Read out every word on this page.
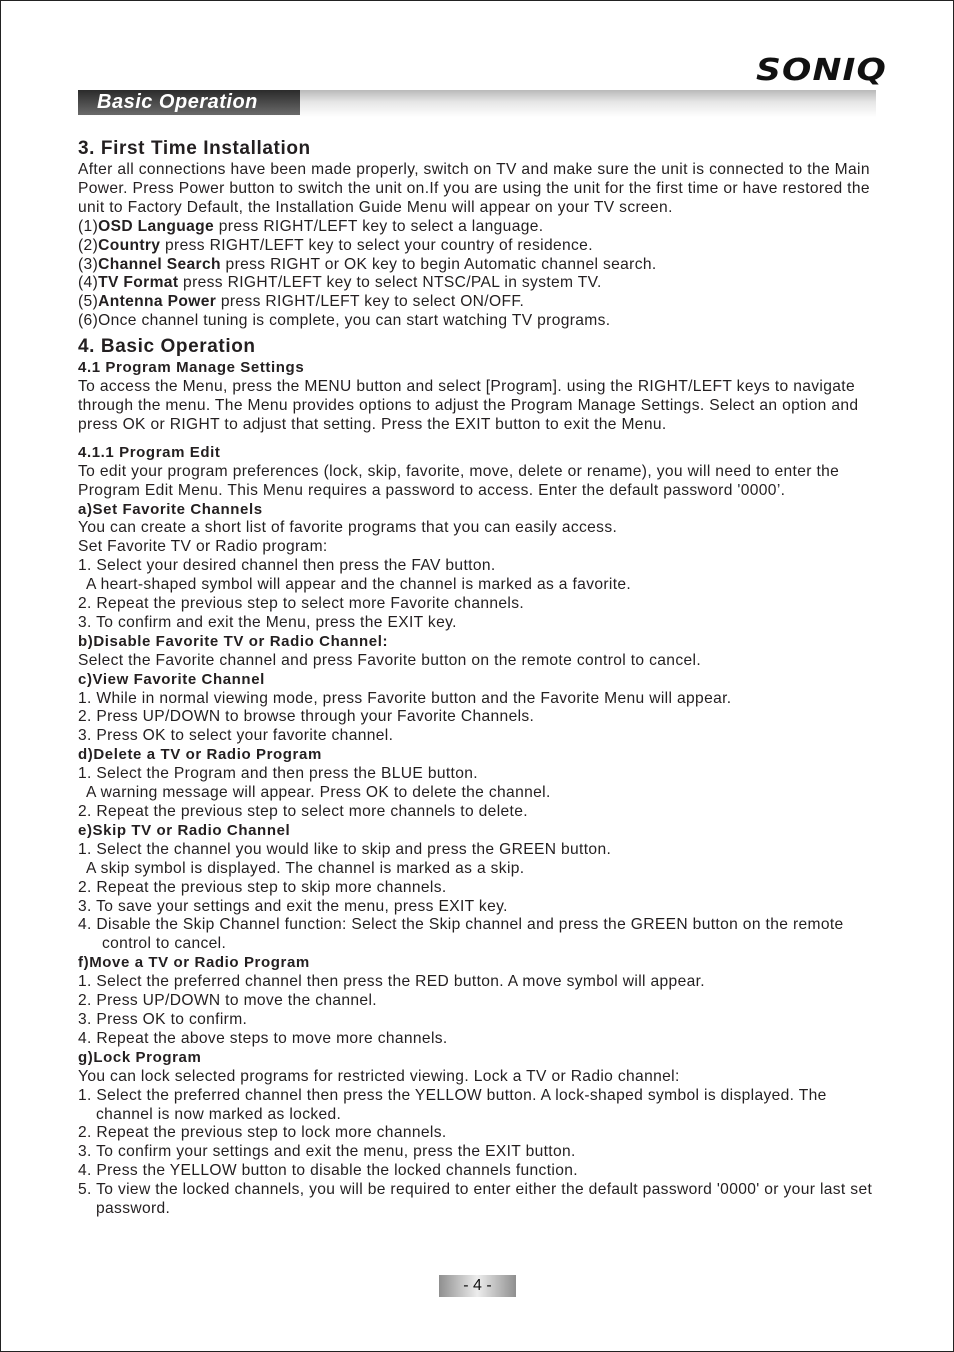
SONIQ
Basic Operation

3. First Time Installation

After all connections have been made properly, switch on TV and make sure the unit is connected to the Main Power. Press Power button to switch the unit on.If you are using the unit for the first time or have restored the unit to Factory Default, the Installation Guide Menu will appear on your TV screen.

(1)OSD Language press RIGHT/LEFT key to select a language.

(2)Country press RIGHT/LEFT key to select your country of residence.

(3)Channel Search press RIGHT or OK key to begin Automatic channel search.

(4)TV Format press RIGHT/LEFT key to select NTSC/PAL in system TV.

(5)Antenna Power press RIGHT/LEFT key to select ON/OFF.

(6)Once channel tuning is complete, you can start watching TV programs.

4. Basic Operation

4.1 Program Manage Settings

To access the Menu, press the MENU button and select [Program]. using the RIGHT/LEFT keys to navigate through the menu. The Menu provides options to adjust the Program Manage Settings. Select an option and press OK or RIGHT to adjust that setting. Press the EXIT button to exit the Menu.

4.1.1 Program Edit

To edit your program preferences (lock, skip, favorite, move, delete or rename), you will need to enter the Program Edit Menu. This Menu requires a password to access. Enter the default password '0000’.

a)Set Favorite Channels

You can create a short list of favorite programs that you can easily access.

Set Favorite TV or Radio program:

1. Select your desired channel then press the FAV button.

A heart-shaped symbol will appear and the channel is marked as a favorite.

2. Repeat the previous step to select more Favorite channels.

3. To confirm and exit the Menu, press the EXIT key.

b)Disable Favorite TV or Radio Channel:

Select the Favorite channel and press Favorite button on the remote control to cancel.

c)View Favorite Channel

1. While in normal viewing mode, press Favorite button and the Favorite Menu will appear.

2. Press UP/DOWN to browse through your Favorite Channels.

3. Press OK to select your favorite channel.

d)Delete a TV or Radio Program

1. Select the Program and then press the BLUE button.

A warning message will appear. Press OK to delete the channel.

2. Repeat the previous step to select more channels to delete.

e)Skip TV or Radio Channel

1. Select the channel you would like to skip and press the GREEN button.

A skip symbol is displayed. The channel is marked as a skip.

2. Repeat the previous step to skip more channels.

3. To save your settings and exit the menu, press EXIT key.

4. Disable the Skip Channel function: Select the Skip channel and press the GREEN button on the remote control to cancel.

f)Move a TV or Radio Program

1. Select the preferred channel then press the RED button. A move symbol will appear.

2. Press UP/DOWN to move the channel.

3. Press OK to confirm.

4. Repeat the above steps to move more channels.

g)Lock Program

You can lock selected programs for restricted viewing. Lock a TV or Radio channel:

1. Select the preferred channel then press the YELLOW button. A lock-shaped symbol is displayed. The channel is now marked as locked.

2. Repeat the previous step to lock more channels.

3. To confirm your settings and exit the menu, press the EXIT button.

4. Press the YELLOW button to disable the locked channels function.

5. To view the locked channels, you will be required to enter either the default password '0000' or your last set password.

- 4 -
